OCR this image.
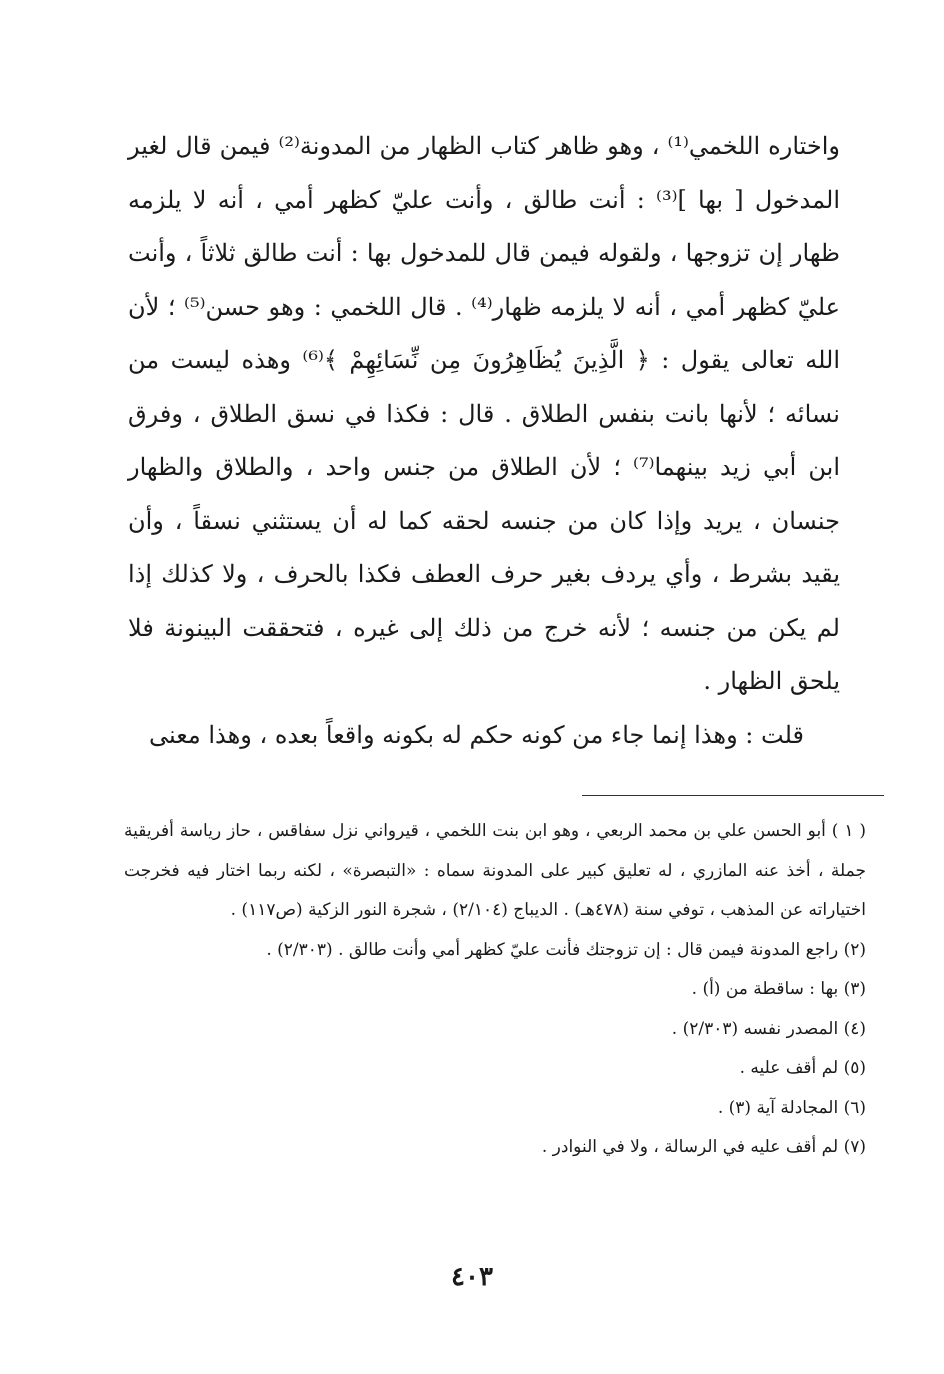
واختاره اللخمي⁽¹⁾ ، وهو ظاهر كتاب الظهار من المدونة⁽²⁾ فيمن قال لغير المدخول [ بها ]⁽³⁾ : أنت طالق ، وأنت عليّ كظهر أمي ، أنه لا يلزمه ظهار إن تزوجها ، ولقوله فيمن قال للمدخول بها : أنت طالق ثلاثاً ، وأنت عليّ كظهر أمي ، أنه لا يلزمه ظهار⁽⁴⁾ . قال اللخمي : وهو حسن⁽⁵⁾ ؛ لأن الله تعالى يقول : ﴿ الَّذِينَ يُظَاهِرُونَ مِن نِّسَائِهِمْ ﴾⁽⁶⁾ وهذه ليست من نسائه ؛ لأنها بانت بنفس الطلاق . قال : فكذا في نسق الطلاق ، وفرق ابن أبي زيد بينهما⁽⁷⁾ ؛ لأن الطلاق من جنس واحد ، والطلاق والظهار جنسان ، يريد وإذا كان من جنسه لحقه كما له أن يستثني نسقاً ، وأن يقيد بشرط ، وأي يردف بغير حرف العطف فكذا بالحرف ، ولا كذلك إذا لم يكن من جنسه ؛ لأنه خرج من ذلك إلى غيره ، فتحققت البينونة فلا يلحق الظهار .

قلت : وهذا إنما جاء من كونه حكم له بكونه واقعاً بعده ، وهذا معنى

( ١ ) أبو الحسن علي بن محمد الربعي ، وهو ابن بنت اللخمي ، قيرواني نزل سفاقس ، حاز رياسة أفريقية جملة ، أخذ عنه المازري ، له تعليق كبير على المدونة سماه : «التبصرة» ، لكنه ربما اختار فيه فخرجت اختياراته عن المذهب ، توفي سنة (٤٧٨هـ) . الديباج (٢/١٠٤) ، شجرة النور الزكية (ص١١٧) .

(٢) راجع المدونة فيمن قال : إن تزوجتك فأنت عليّ كظهر أمي وأنت طالق . (٢/٣٠٣) .

(٣) بها : ساقطة من (أ) .

(٤) المصدر نفسه (٢/٣٠٣) .

(٥) لم أقف عليه .

(٦) المجادلة آية (٣) .

(٧) لم أقف عليه في الرسالة ، ولا في النوادر .

٤٠٣
